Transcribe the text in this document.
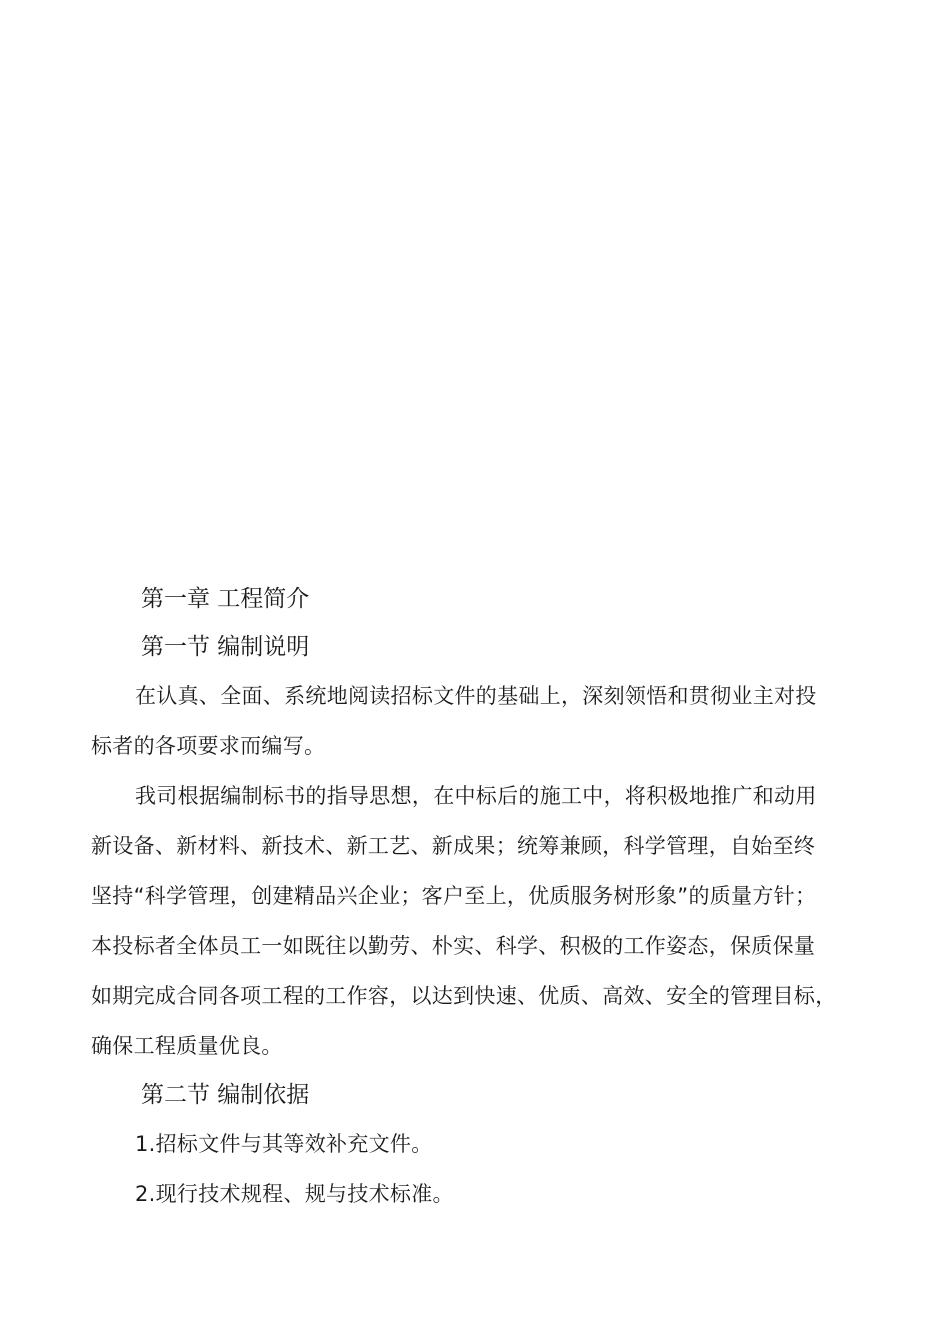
第一章 工程简介
第一节 编制说明

在认真、全面、系统地阅读招标文件的基础上，深刻领悟和贯彻业主对投
标者的各项要求而编写。

我司根据编制标书的指导思想，在中标后的施工中，将积极地推广和动用
新设备、新材料、新技术、新工艺、新成果；统筹兼顾，科学管理，自始至终
坚持“科学管理，创建精品兴企业；客户至上，优质服务树形象”的质量方针；
本投标者全体员工一如既往以勤劳、朴实、科学、积极的工作姿态，保质保量
如期完成合同各项工程的工作容，以达到快速、优质、高效、安全的管理目标，
确保工程质量优良。

第二节 编制依据

1.招标文件与其等效补充文件。

2.现行技术规程、规与技术标准。
